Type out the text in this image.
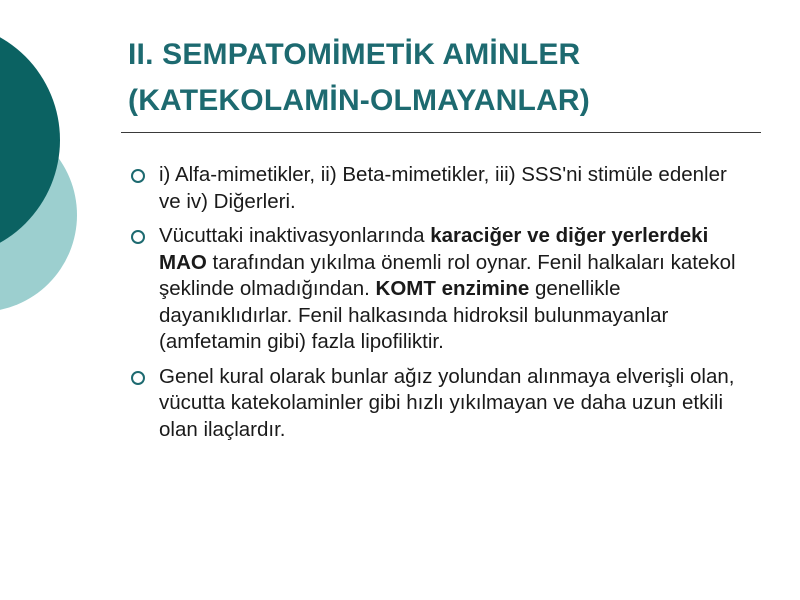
II. SEMPATOMİMETİK AMİNLER
(KATEKOLAMİN-OLMAYANLAR)
i) Alfa-mimetikler, ii) Beta-mimetikler, iii) SSS'ni stimüle edenler ve iv) Diğerleri.
Vücuttaki inaktivasyonlarında karaciğer ve diğer yerlerdeki MAO tarafından yıkılma önemli rol oynar. Fenil halkaları katekol şeklinde olmadığından. KOMT enzimine genellikle dayanıklıdırlar. Fenil halkasında hidroksil bulunmayanlar (amfetamin gibi) fazla lipofiliktir.
Genel kural olarak bunlar ağız yolundan alınmaya elverişli olan, vücutta katekolaminler gibi hızlı yıkılmayan ve daha uzun etkili olan ilaçlardır.
